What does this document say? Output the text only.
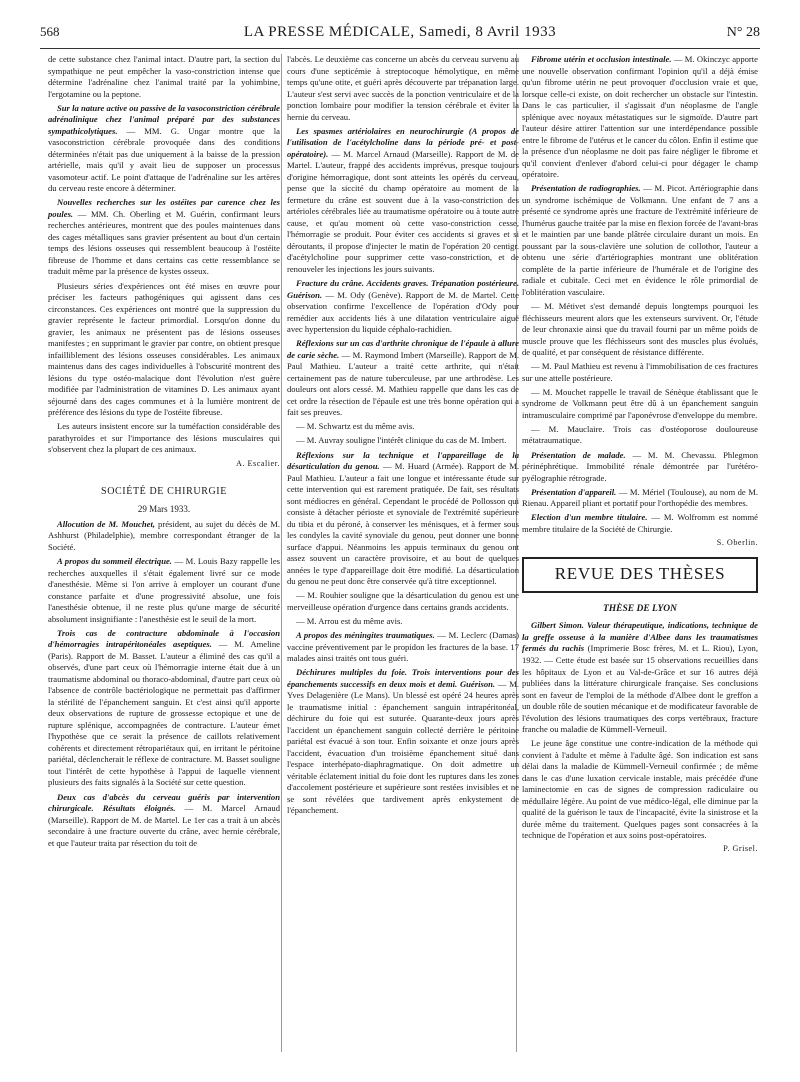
568	LA PRESSE MÉDICALE, Samedi, 8 Avril 1933	N° 28

de cette substance chez l'animal intact. D'autre part, la section du sympathique ne peut empêcher la vaso-constriction intense que détermine l'adrénaline chez l'animal traité par la yohimbine, l'ergotamine ou la peptone.

Sur la nature active ou passive de la vasoconstriction cérébrale adrénalinique chez l'animal préparé par des substances sympathicolytiques. — MM. G. Ungar montre que la vasoconstriction cérébrale provoquée dans des conditions déterminées n'était pas due uniquement à la baisse de la pression artérielle, mais qu'il y avait lieu de supposer un processus vasomoteur actif. Le point d'attaque de l'adrénaline sur les artères du cerveau reste encore à déterminer.

Nouvelles recherches sur les ostéites par carence chez les poules. — MM. Ch. Oberling et M. Guérin, confirmant leurs recherches antérieures, montrent que des poules maintenues dans des cages métalliques sans gravier présentent au bout d'un certain temps des lésions osseuses qui ressemblent beaucoup à l'ostéite fibreuse de l'homme et dans certains cas cette ressemblance se traduit même par la présence de kystes osseux.

Plusieurs séries d'expériences ont été mises en œuvre pour préciser les facteurs pathogéniques qui agissent dans ces circonstances. Ces expériences ont montré que la suppression du gravier représente le facteur primordial. Lorsqu'on donne du gravier, les animaux ne présentent pas de lésions osseuses manifestes ; en supprimant le gravier par contre, on obtient presque infailliblement des lésions osseuses considérables. Les animaux maintenus dans des cages individuelles à l'obscurité montrent des lésions du type ostéo-malacique dont l'évolution n'est guère modifiée par l'administration de vitamines D. Les animaux ayant séjourné dans des cages communes et à la lumière montrent de préférence des lésions du type de l'ostéite fibreuse.

Les auteurs insistent encore sur la tuméfaction considérable des parathyroïdes et sur l'importance des lésions musculaires qui s'observent chez la plupart de ces animaux.

A. Escalier.
SOCIÉTÉ DE CHIRURGIE
29 Mars 1933.

Allocution de M. Mouchet, président, au sujet du décès de M. Ashhurst (Philadelphie), membre correspondant étranger de la Société.

A propos du sommeil électrique. — M. Louis Bazy rappelle les recherches auxquelles il s'était également livré sur ce mode d'anesthésie. Même si l'on arrive à employer un courant d'une constance parfaite et d'une progressivité absolue, une fois l'anesthésie obtenue, il ne reste plus qu'une marge de sécurité absolument insignifiante : l'anesthésie est le seuil de la mort.

Trois cas de contracture abdominale à l'occasion d'hémorragies intrapéritonéales aseptiques. — M. Ameline (Paris). Rapport de M. Basset. L'auteur a éliminé des cas qu'il a observés, d'une part ceux où l'hémorragie interne était due à un traumatisme abdominal ou thoraco-abdominal, d'autre part ceux où l'absence de contrôle bactériologique ne permettait pas d'affirmer la stérilité de l'épanchement sanguin. Et c'est ainsi qu'il apporte deux observations de rupture de grossesse ectopique et une de rupture splénique, accompagnées de contracture. L'auteur émet l'hypothèse que ce serait la présence de caillots relativement cohérents et directement rétropariétaux qui, en irritant le péritoine pariétal, déclencherait le réflexe de contracture. M. Basset souligne tout l'intérêt de cette hypothèse à l'appui de laquelle viennent plusieurs des faits signalés à la Société sur cette question.

Deux cas d'abcès du cerveau guéris par intervention chirurgicale. Résultats éloignés. — M. Marcel Arnaud (Marseille). Rapport de M. de Martel. Le 1er cas a trait à un abcès secondaire à une fracture ouverte du crâne, avec hernie cérébrale, et que l'auteur traita par résection du toit de

l'abcès. Le deuxième cas concerne un abcès du cerveau survenu au cours d'une septicémie à streptocoque hémolytique, en même temps qu'une otite, et guéri après découverte par trépanation large. L'auteur s'est servi avec succès de la ponction ventriculaire et de la ponction lombaire pour modifier la tension cérébrale et éviter la hernie du cerveau.

Les spasmes artériolaires en neurochirurgie (A propos de l'utilisation de l'acétylcholine dans la période pré- et post-opératoire). — M. Marcel Arnaud (Marseille). Rapport de M. de Martel. L'auteur, frappé des accidents imprévus, presque toujours d'origine hémorragique, dont sont atteints les opérés du cerveau, pense que la siccité du champ opératoire au moment de la fermeture du crâne est souvent due à la vaso-constriction des artérioles cérébrales liée au traumatisme opératoire ou à toute autre cause, et qu'au moment où cette vaso-constriction cesse, l'hémorragie se produit. Pour éviter ces accidents si graves et si déroutants, il propose d'injecter le matin de l'opération 20 centigr. d'acétylcholine pour supprimer cette vaso-constriction, et de renouveler les injections les jours suivants.

Fracture du crâne. Accidents graves. Trépanation postérieure. Guérison. — M. Ody (Genève). Rapport de M. de Martel. Cette observation confirme l'excellence de l'opération d'Ody pour remédier aux accidents liés à une dilatation ventriculaire aiguë avec hypertension du liquide céphalo-rachidien.

Réflexions sur un cas d'arthrite chronique de l'épaule à allure de carie sèche. — M. Raymond Imbert (Marseille). Rapport de M. Paul Mathieu. L'auteur a traité cette arthrite, qui n'était certainement pas de nature tuberculeuse, par une arthrodèse. Les douleurs ont alors cessé. M. Mathieu rappelle que dans les cas de cet ordre la résection de l'épaule est une très bonne opération qui a fait ses preuves.

— M. Schwartz est du même avis.

— M. Auvray souligne l'intérêt clinique du cas de M. Imbert.

Réflexions sur la technique et l'appareillage de la désarticulation du genou. — M. Huard (Armée). Rapport de M. Paul Mathieu. L'auteur a fait une longue et intéressante étude sur cette intervention qui est rarement pratiquée. De fait, ses résultats sont médiocres en général. Cependant le procédé de Pollosson qui consiste à détacher périoste et synoviale de l'extrémité supérieure du tibia et du péroné, à conserver les ménisques, et à fermer sous les condyles la cavité synoviale du genou, peut donner une bonne surface d'appui. Néanmoins les appuis terminaux du genou ont assez souvent un caractère provisoire, et au bout de quelques années le type d'appareillage doit être modifié. La désarticulation du genou ne peut donc être conservée qu'à titre exceptionnel.

— M. Rouhier souligne que la désarticulation du genou est une merveilleuse opération d'urgence dans certains grands accidents.

— M. Arrou est du même avis.

A propos des méningites traumatiques. — M. Leclerc (Damas) vaccine préventivement par le propidon les fractures de la base. 17 malades ainsi traités ont tous guéri.

Déchirures multiples du foie. Trois interventions pour des épanchements successifs en deux mois et demi. Guérison. — M. Yves Delagenière (Le Mans). Un blessé est opéré 24 heures après le traumatisme initial : épanchement sanguin intrapéritonéal, déchirure du foie qui est suturée. Quarante-deux jours après l'accident un épanchement sanguin collecté derrière le péritoine pariétal est évacué à son tour. Enfin soixante et onze jours après l'accident, évacuation d'un troisième épanchement situé dans l'espace interhépato-diaphragmatique. On doit admettre un véritable éclatement initial du foie dont les ruptures dans les zones d'accolement postérieure et supérieure sont restées invisibles et ne se sont révélées que tardivement après enkystement de l'épanchement.

Fibrome utérin et occlusion intestinale. — M. Okinczyc apporte une nouvelle observation confirmant l'opinion qu'il a déjà émise qu'un fibrome utérin ne peut provoquer d'occlusion vraie et que, lorsque celle-ci existe, on doit rechercher un obstacle sur l'intestin. Dans le cas particulier, il s'agissait d'un néoplasme de l'angle splénique avec noyaux métastatiques sur le sigmoïde. D'autre part l'auteur désire attirer l'attention sur une interdépendance possible entre le fibrome de l'utérus et le cancer du côlon. Enfin il estime que la présence d'un néoplasme ne doit pas faire négliger le fibrome et qu'il convient d'enlever d'abord celui-ci pour dégager le champ opératoire.

Présentation de radiographies. — M. Picot. Artériographie dans un syndrome ischémique de Volkmann. Une enfant de 7 ans a présenté ce syndrome après une fracture de l'extrémité inférieure de l'humérus gauche traitée par la mise en flexion forcée de l'avant-bras et le maintien par une bande plâtrée circulaire durant un mois. En poussant par la sous-clavière une solution de collothor, l'auteur a obtenu une série d'artériographies montrant une oblitération complète de la partie inférieure de l'humérale et de l'origine des radiale et cubitale. Ceci met en évidence le rôle primordial de l'oblitération vasculaire.

— M. Métivet s'est demandé depuis longtemps pourquoi les fléchisseurs meurent alors que les extenseurs survivent. Or, l'étude de leur chronaxie ainsi que du travail fourni par un même poids de muscle prouve que les fléchisseurs sont des muscles plus évolués, de qualité, et par conséquent de résistance différente.

— M. Paul Mathieu est revenu à l'immobilisation de ces fractures sur une attelle postérieure.

— M. Mouchet rappelle le travail de Sénèque établissant que le syndrome de Volkmann peut être dû à un épanchement sanguin intramusculaire comprimé par l'aponévrose d'enveloppe du membre.

— M. Mauclaire. Trois cas d'ostéoporose douloureuse métatraumatique.

Présentation de malade. — M. M. Chevassu. Phlegmon périnéphrétique. Immobilité rénale démontrée par l'urétéro-pyélographie rétrograde.

Présentation d'appareil. — M. Mériel (Toulouse), au nom de M. Rienau. Appareil pliant et portatif pour l'orthopédie des membres.

Election d'un membre titulaire. — M. Wolfromm est nommé membre titulaire de la Société de Chirurgie.

S. Oberlin.
REVUE DES THÈSES
THÈSE DE LYON

Gilbert Simon. Valeur thérapeutique, indications, technique de la greffe osseuse à la manière d'Albee dans les traumatismes fermés du rachis (Imprimerie Bosc frères, M. et L. Riou), Lyon, 1932. — Cette étude est basée sur 15 observations recueillies dans les hôpitaux de Lyon et au Val-de-Grâce et sur 16 autres déjà publiées dans la littérature chirurgicale française. Ses conclusions sont en faveur de l'emploi de la méthode d'Albee dont le greffon a un double rôle de soutien mécanique et de modificateur favorable de l'évolution des lésions traumatiques des corps vertébraux, fracture franche ou maladie de Kümmell-Verneuil.

Le jeune âge constitue une contre-indication de la méthode qui convient à l'adulte et même à l'adulte âgé. Son indication est sans délai dans la maladie de Kümmell-Verneuil confirmée ; de même dans le cas d'une luxation cervicale instable, mais précédée d'une laminectomie en cas de signes de compression radiculaire ou médullaire légère. Au point de vue médico-légal, elle diminue par la qualité de la guérison le taux de l'incapacité, évite la sinistrose et la durée même du traitement. Quelques pages sont consacrées à la technique de l'opération et aux soins post-opératoires.

P. Grisel.
